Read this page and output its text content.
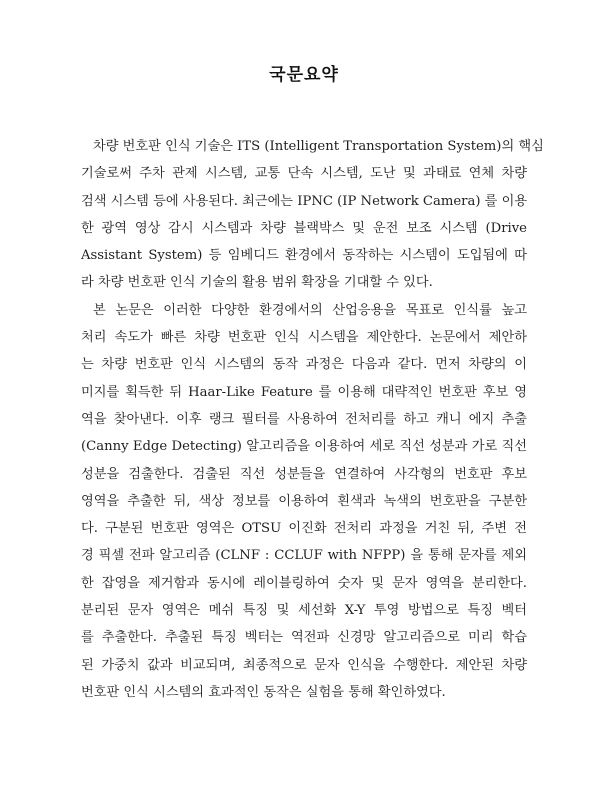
국문요약
차량 번호판 인식 기술은 ITS (Intelligent Transportation System)의 핵심
기술로써 주차 관제 시스템, 교통 단속 시스템, 도난 및 과태료 연체 차량
검색 시스템 등에 사용된다. 최근에는 IPNC (IP Network Camera) 를 이용
한 광역 영상 감시 시스템과 차량 블랙박스 및 운전 보조 시스템 (Drive
Assistant System) 등 임베디드 환경에서 동작하는 시스템이 도입됨에 따
라 차량 번호판 인식 기술의 활용 범위 확장을 기대할 수 있다.
본 논문은 이러한 다양한 환경에서의 산업응용을 목표로 인식률 높고
처리 속도가 빠른 차량 번호판 인식 시스템을 제안한다. 논문에서 제안하
는 차량 번호판 인식 시스템의 동작 과정은 다음과 같다. 먼저 차량의 이
미지를 획득한 뒤 Haar-Like Feature 를 이용해 대략적인 번호판 후보 영
역을 찾아낸다. 이후 랭크 필터를 사용하여 전처리를 하고 캐니 에지 추출
(Canny Edge Detecting) 알고리즘을 이용하여 세로 직선 성분과 가로 직선
성분을 검출한다. 검출된 직선 성분들을 연결하여 사각형의 번호판 후보
영역을 추출한 뒤, 색상 정보를 이용하여 흰색과 녹색의 번호판을 구분한
다. 구분된 번호판 영역은 OTSU 이진화 전처리 과정을 거친 뒤, 주변 전
경 픽셀 전파 알고리즘 (CLNF : CCLUF with NFPP) 을 통해 문자를 제외
한 잡영을 제거함과 동시에 레이블링하여 숫자 및 문자 영역을 분리한다.
분리된 문자 영역은 메쉬 특징 및 세선화 X-Y 투영 방법으로 특징 벡터
를 추출한다. 추출된 특징 벡터는 역전파 신경망 알고리즘으로 미리 학습
된 가중치 값과 비교되며, 최종적으로 문자 인식을 수행한다. 제안된 차량
번호판 인식 시스템의 효과적인 동작은 실험을 통해 확인하였다.
